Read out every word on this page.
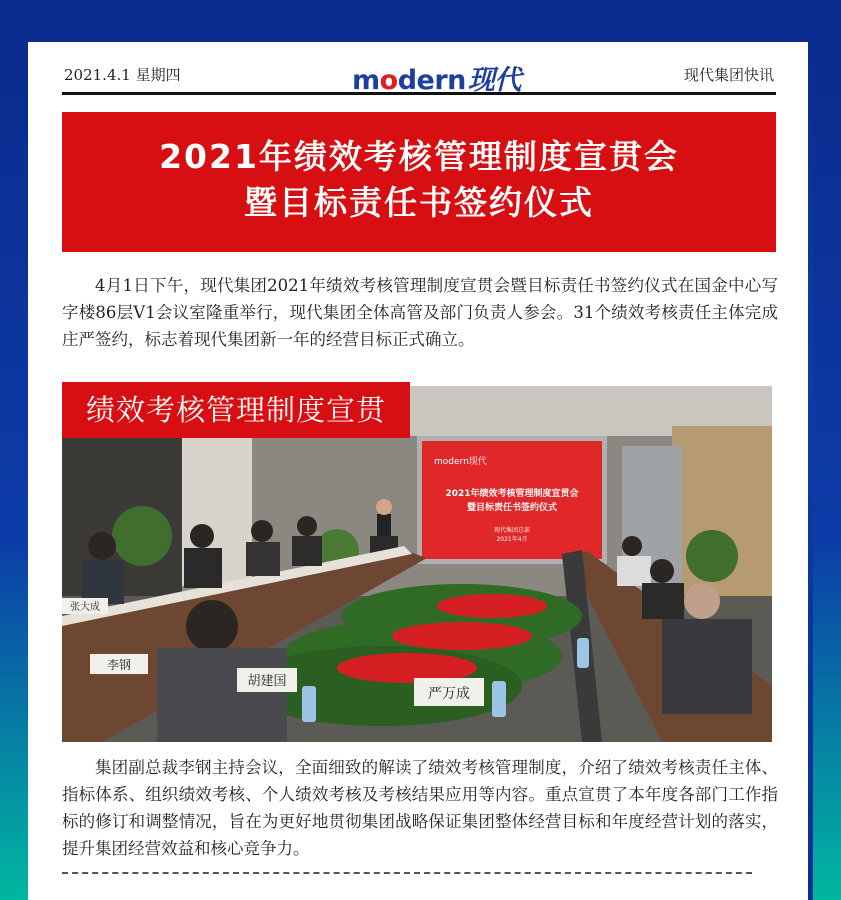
2021.4.1 星期四	modern现代	现代集团快讯
2021年绩效考核管理制度宣贯会
暨目标责任书签约仪式

4月1日下午，现代集团2021年绩效考核管理制度宣贯会暨目标责任书签约仪式在国金中心写字楼86层V1会议室隆重举行，现代集团全体高管及部门负责人参会。31个绩效考核责任主体完成庄严签约，标志着现代集团新一年的经营目标正式确立。

modern现代
2021年绩效考核管理制度宣贯会
暨目标责任书签约仪式
现代集团总部
2021年4月
李钢
胡建国
严万成
张大成
绩效考核管理制度宣贯

集团副总裁李钢主持会议，全面细致的解读了绩效考核管理制度，介绍了绩效考核责任主体、指标体系、组织绩效考核、个人绩效考核及考核结果应用等内容。重点宣贯了本年度各部门工作指标的修订和调整情况，旨在为更好地贯彻集团战略保证集团整体经营目标和年度经营计划的落实，提升集团经营效益和核心竞争力。
